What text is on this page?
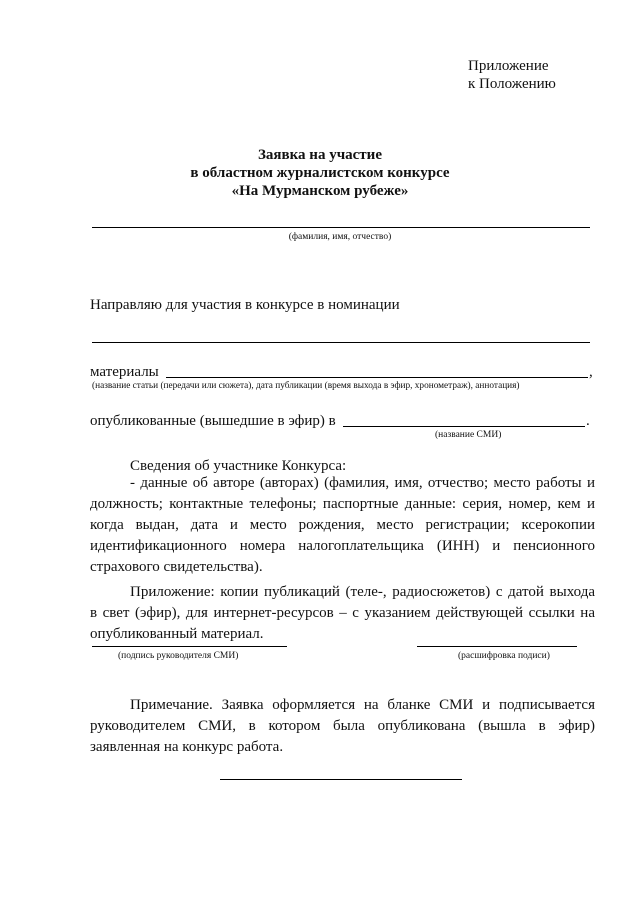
Приложение
к Положению
Заявка на участие
в областном журналистском конкурсе
«На Мурманском рубеже»
(фамилия, имя, отчество)
Направляю для участия в конкурсе в номинации
материалы	,
(название статьи (передачи или сюжета), дата публикации (время выхода в эфир, хронометраж), аннотация)
опубликованные (вышедшие в эфир) в	.
(название СМИ)
Сведения об участнике Конкурса:
- данные об авторе (авторах) (фамилия, имя, отчество; место работы и
должность; контактные телефоны; паспортные данные: серия, номер, кем и
когда выдан, дата и место рождения, место регистрации; ксерокопии
идентификационного номера налогоплательщика (ИНН) и пенсионного
страхового свидетельства).
Приложение: копии публикаций (теле-, радиосюжетов) с датой выхода
в свет (эфир), для интернет-ресурсов – с указанием действующей ссылки на
опубликованный материал.
(подпись руководителя СМИ)	(расшифровка подиси)
Примечание. Заявка оформляется на бланке СМИ и подписывается
руководителем СМИ, в котором была опубликована (вышла в эфир)
заявленная на конкурс работа.
